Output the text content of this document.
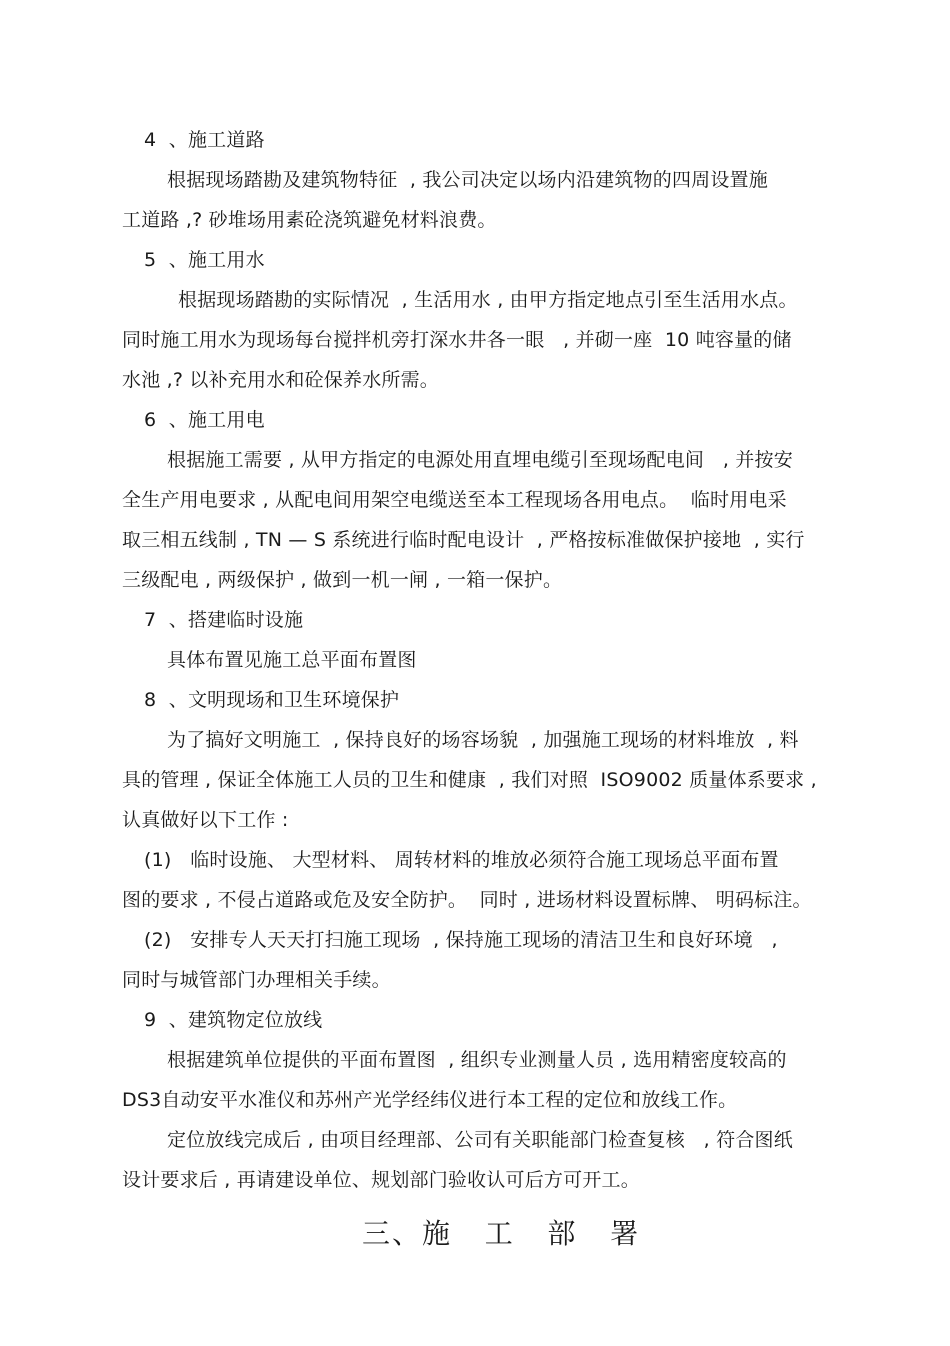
4  、施工道路
根据现场踏勘及建筑物特征  , 我公司决定以场内沿建筑物的四周设置施
工道路 ,? 砂堆场用素砼浇筑避免材料浪费。
5  、施工用水
根据现场踏勘的实际情况  , 生活用水 , 由甲方指定地点引至生活用水点。
同时施工用水为现场每台搅拌机旁打深水井各一眼   , 并砌一座  10 吨容量的储
水池 ,? 以补充用水和砼保养水所需。
6  、施工用电
根据施工需要 , 从甲方指定的电源处用直埋电缆引至现场配电间   , 并按安
全生产用电要求 , 从配电间用架空电缆送至本工程现场各用电点。  临时用电采
取三相五线制 , TN — S 系统进行临时配电设计  , 严格按标准做保护接地  , 实行
三级配电 , 两级保护 , 做到一机一闸 , 一箱一保护。
7  、搭建临时设施
具体布置见施工总平面布置图
8  、文明现场和卫生环境保护
为了搞好文明施工  , 保持良好的场容场貌  , 加强施工现场的材料堆放  , 料
具的管理 , 保证全体施工人员的卫生和健康  , 我们对照  ISO9002 质量体系要求 ,
认真做好以下工作 :
(1)   临时设施、 大型材料、 周转材料的堆放必须符合施工现场总平面布置
图的要求 , 不侵占道路或危及安全防护。  同时 , 进场材料设置标牌、 明码标注。
(2)   安排专人天天打扫施工现场  , 保持施工现场的清洁卫生和良好环境   ,
同时与城管部门办理相关手续。
9  、建筑物定位放线
根据建筑单位提供的平面布置图  , 组织专业测量人员 , 选用精密度较高的
DS3自动安平水准仪和苏州产光学经纬仪进行本工程的定位和放线工作。
定位放线完成后 , 由项目经理部、公司有关职能部门检查复核   , 符合图纸
设计要求后 , 再请建设单位、规划部门验收认可后方可开工。
三、施   工   部   署
